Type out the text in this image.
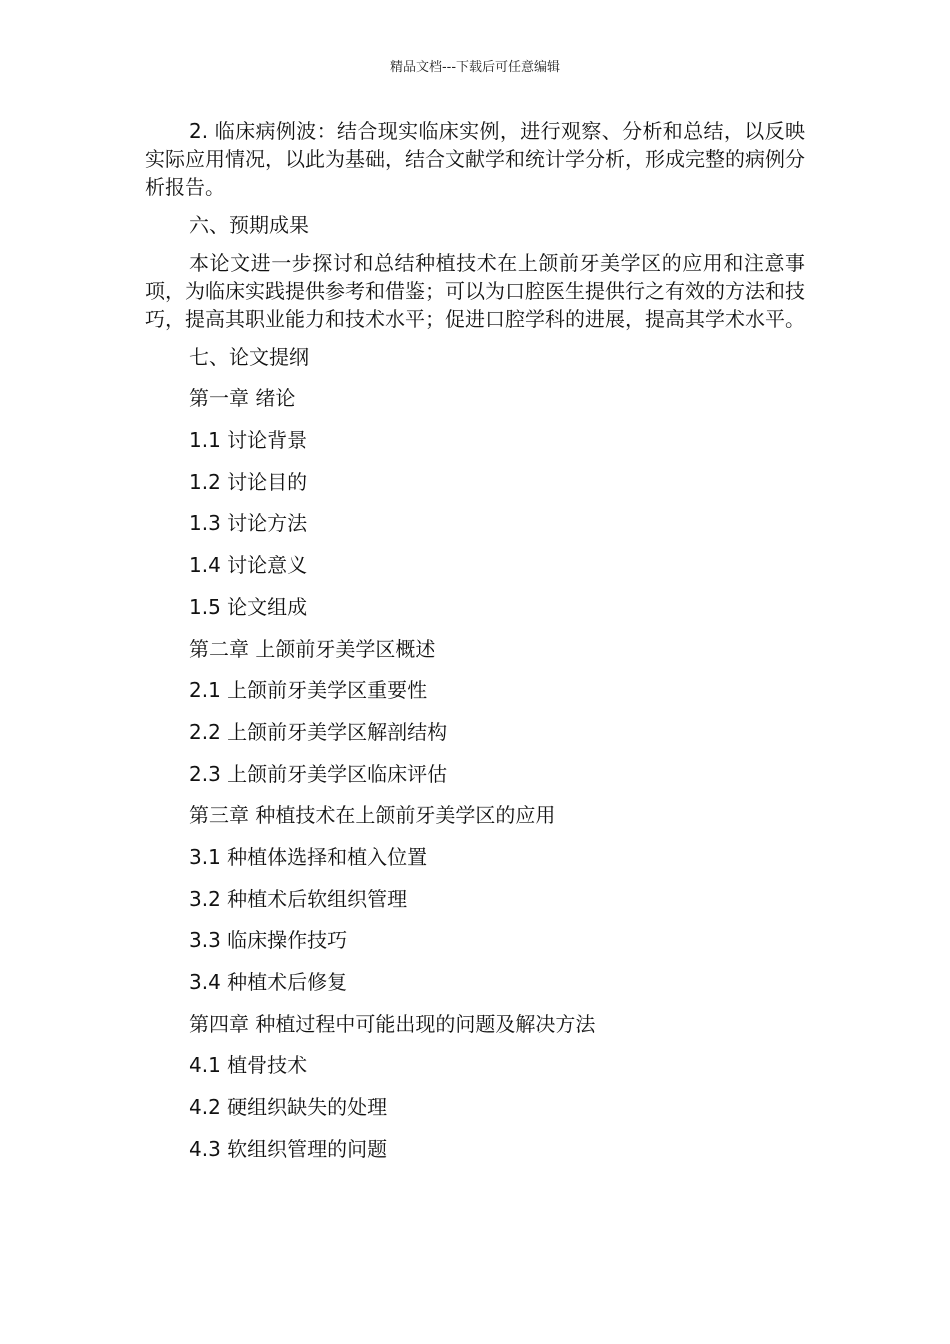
精品文档---下载后可任意编辑

2. 临床病例波：结合现实临床实例，进行观察、分析和总结，以反映实际应用情况，以此为基础，结合文献学和统计学分析，形成完整的病例分析报告。

六、预期成果

本论文进一步探讨和总结种植技术在上颌前牙美学区的应用和注意事项，为临床实践提供参考和借鉴；可以为口腔医生提供行之有效的方法和技巧，提高其职业能力和技术水平；促进口腔学科的进展，提高其学术水平。

七、论文提纲

第一章 绪论

1.1 讨论背景

1.2 讨论目的

1.3 讨论方法

1.4 讨论意义

1.5 论文组成

第二章 上颌前牙美学区概述

2.1 上颌前牙美学区重要性

2.2 上颌前牙美学区解剖结构

2.3 上颌前牙美学区临床评估

第三章 种植技术在上颌前牙美学区的应用

3.1 种植体选择和植入位置

3.2 种植术后软组织管理

3.3 临床操作技巧

3.4 种植术后修复

第四章 种植过程中可能出现的问题及解决方法

4.1 植骨技术

4.2 硬组织缺失的处理

4.3 软组织管理的问题
